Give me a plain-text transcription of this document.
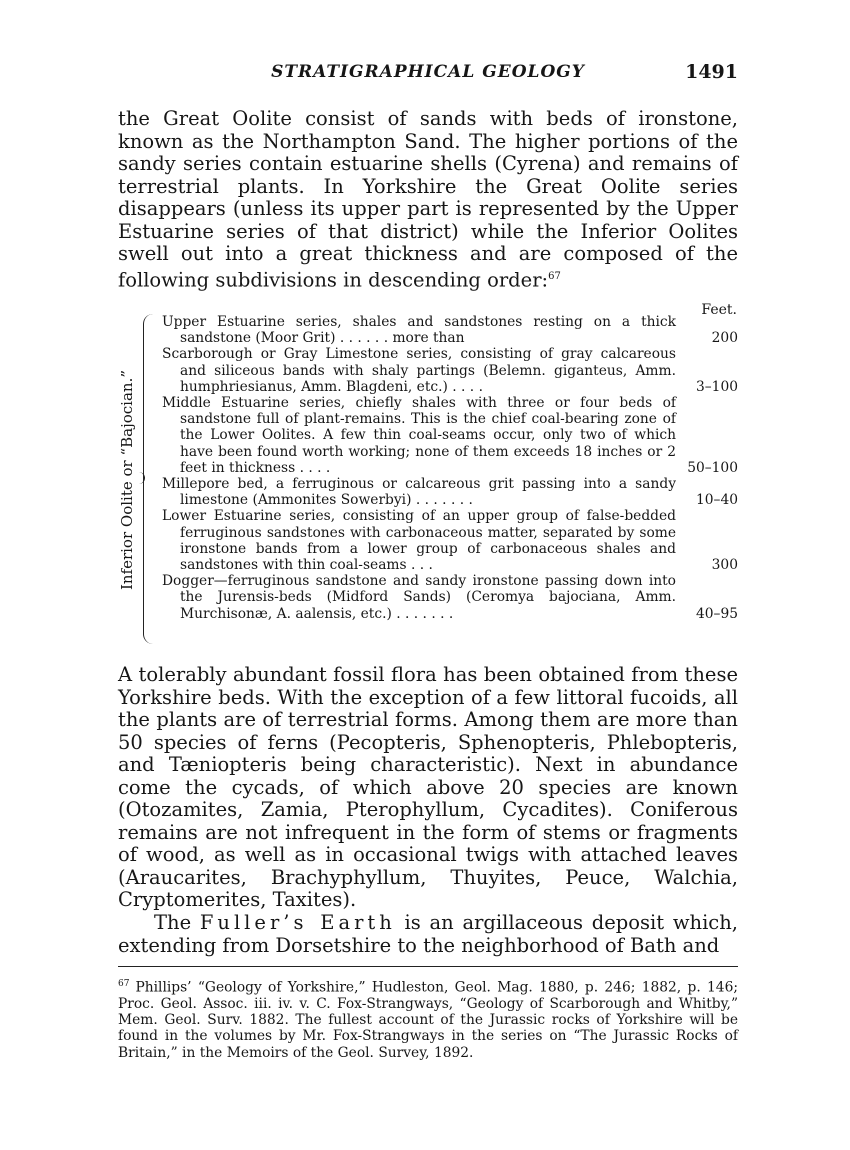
STRATIGRAPHICAL GEOLOGY	1491

the Great Oolite consist of sands with beds of ironstone, known as the Northampton Sand. The higher portions of the sandy series contain estuarine shells (Cyrena) and remains of terrestrial plants. In Yorkshire the Great Oolite series disappears (unless its upper part is represented by the Upper Estuarine series of that district) while the Inferior Oolites swell out into a great thickness and are composed of the following subdivisions in descending order:$^{67}$

Feet.
Inferior Oolite or “Bajocian.”
Upper Estuarine series, shales and sandstones resting on a thick sandstone (Moor Grit) . . . . . . more than	200
Scarborough or Gray Limestone series, consisting of gray calcareous and siliceous bands with shaly partings (Belemn. giganteus, Amm. humphriesianus, Amm. Blagdeni, etc.) . . . .	3–100
Middle Estuarine series, chiefly shales with three or four beds of sandstone full of plant-remains. This is the chief coal-bearing zone of the Lower Oolites. A few thin coal-seams occur, only two of which have been found worth working; none of them exceeds 18 inches or 2 feet in thickness . . . .	50–100
Millepore bed, a ferruginous or calcareous grit passing into a sandy limestone (Ammonites Sowerbyi) . . . . . . .	10–40
Lower Estuarine series, consisting of an upper group of false-bedded ferruginous sandstones with carbonaceous matter, separated by some ironstone bands from a lower group of carbonaceous shales and sandstones with thin coal-seams . . .	300
Dogger—ferruginous sandstone and sandy ironstone passing down into the Jurensis-beds (Midford Sands) (Ceromya bajociana, Amm. Murchisonæ, A. aalensis, etc.) . . . . . . .	40–95

A tolerably abundant fossil flora has been obtained from these Yorkshire beds. With the exception of a few littoral fucoids, all the plants are of terrestrial forms. Among them are more than 50 species of ferns (Pecopteris, Sphenopteris, Phlebopteris, and Tæniopteris being characteristic). Next in abundance come the cycads, of which above 20 species are known (Otozamites, Zamia, Pterophyllum, Cycadites). Coniferous remains are not infrequent in the form of stems or fragments of wood, as well as in occasional twigs with attached leaves (Araucarites, Brachyphyllum, Thuyites, Peuce, Walchia, Cryptomerites, Taxites).

The Fuller’s Earth is an argillaceous deposit which, extending from Dorsetshire to the neighborhood of Bath and

$^{67}$ Phillips’ “Geology of Yorkshire,” Hudleston, Geol. Mag. 1880, p. 246; 1882, p. 146; Proc. Geol. Assoc. iii. iv. v. C. Fox-Strangways, “Geology of Scarborough and Whitby,” Mem. Geol. Surv. 1882. The fullest account of the Jurassic rocks of Yorkshire will be found in the volumes by Mr. Fox-Strangways in the series on “The Jurassic Rocks of Britain,” in the Memoirs of the Geol. Survey, 1892.
